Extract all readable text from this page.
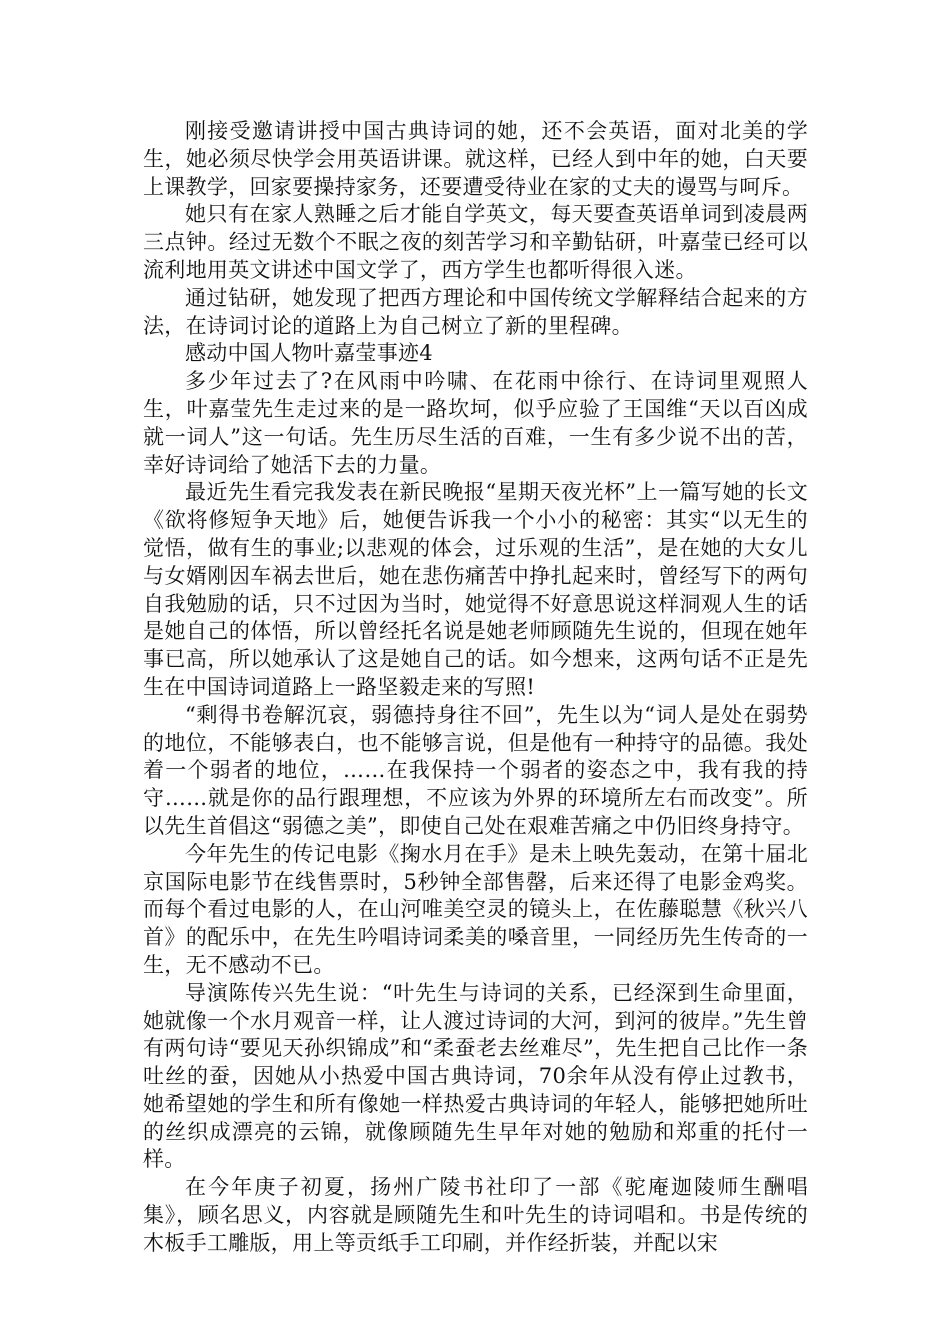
刚接受邀请讲授中国古典诗词的她，还不会英语，面对北美的学生，她必须尽快学会用英语讲课。就这样，已经人到中年的她，白天要上课教学，回家要操持家务，还要遭受待业在家的丈夫的谩骂与呵斥。

她只有在家人熟睡之后才能自学英文，每天要查英语单词到凌晨两三点钟。经过无数个不眠之夜的刻苦学习和辛勤钻研，叶嘉莹已经可以流利地用英文讲述中国文学了，西方学生也都听得很入迷。

通过钻研，她发现了把西方理论和中国传统文学解释结合起来的方法，在诗词讨论的道路上为自己树立了新的里程碑。

感动中国人物叶嘉莹事迹4

多少年过去了?在风雨中吟啸、在花雨中徐行、在诗词里观照人生，叶嘉莹先生走过来的是一路坎坷，似乎应验了王国维“天以百凶成就一词人”这一句话。先生历尽生活的百难，一生有多少说不出的苦，幸好诗词给了她活下去的力量。

最近先生看完我发表在新民晚报“星期天夜光杯”上一篇写她的长文《欲将修短争天地》后，她便告诉我一个小小的秘密：其实“以无生的觉悟，做有生的事业;以悲观的体会，过乐观的生活”，是在她的大女儿与女婿刚因车祸去世后，她在悲伤痛苦中挣扎起来时，曾经写下的两句自我勉励的话，只不过因为当时，她觉得不好意思说这样洞观人生的话是她自己的体悟，所以曾经托名说是她老师顾随先生说的，但现在她年事已高，所以她承认了这是她自己的话。如今想来，这两句话不正是先生在中国诗词道路上一路坚毅走来的写照!

“剩得书卷解沉哀，弱德持身往不回”，先生以为“词人是处在弱势的地位，不能够表白，也不能够言说，但是他有一种持守的品德。我处着一个弱者的地位，……在我保持一个弱者的姿态之中，我有我的持守……就是你的品行跟理想，不应该为外界的环境所左右而改变”。所以先生首倡这“弱德之美”，即使自己处在艰难苦痛之中仍旧终身持守。

今年先生的传记电影《掬水月在手》是未上映先轰动，在第十届北京国际电影节在线售票时，5秒钟全部售罄，后来还得了电影金鸡奖。而每个看过电影的人，在山河唯美空灵的镜头上，在佐藤聪慧《秋兴八首》的配乐中，在先生吟唱诗词柔美的嗓音里，一同经历先生传奇的一生，无不感动不已。

导演陈传兴先生说：“叶先生与诗词的关系，已经深到生命里面，她就像一个水月观音一样，让人渡过诗词的大河，到河的彼岸。”先生曾有两句诗“要见天孙织锦成”和“柔蚕老去丝难尽”，先生把自己比作一条吐丝的蚕，因她从小热爱中国古典诗词，70余年从没有停止过教书，她希望她的学生和所有像她一样热爱古典诗词的年轻人，能够把她所吐的丝织成漂亮的云锦，就像顾随先生早年对她的勉励和郑重的托付一样。

在今年庚子初夏，扬州广陵书社印了一部《驼庵迦陵师生酬唱集》，顾名思义，内容就是顾随先生和叶先生的诗词唱和。书是传统的木板手工雕版，用上等贡纸手工印刷，并作经折装，并配以宋
